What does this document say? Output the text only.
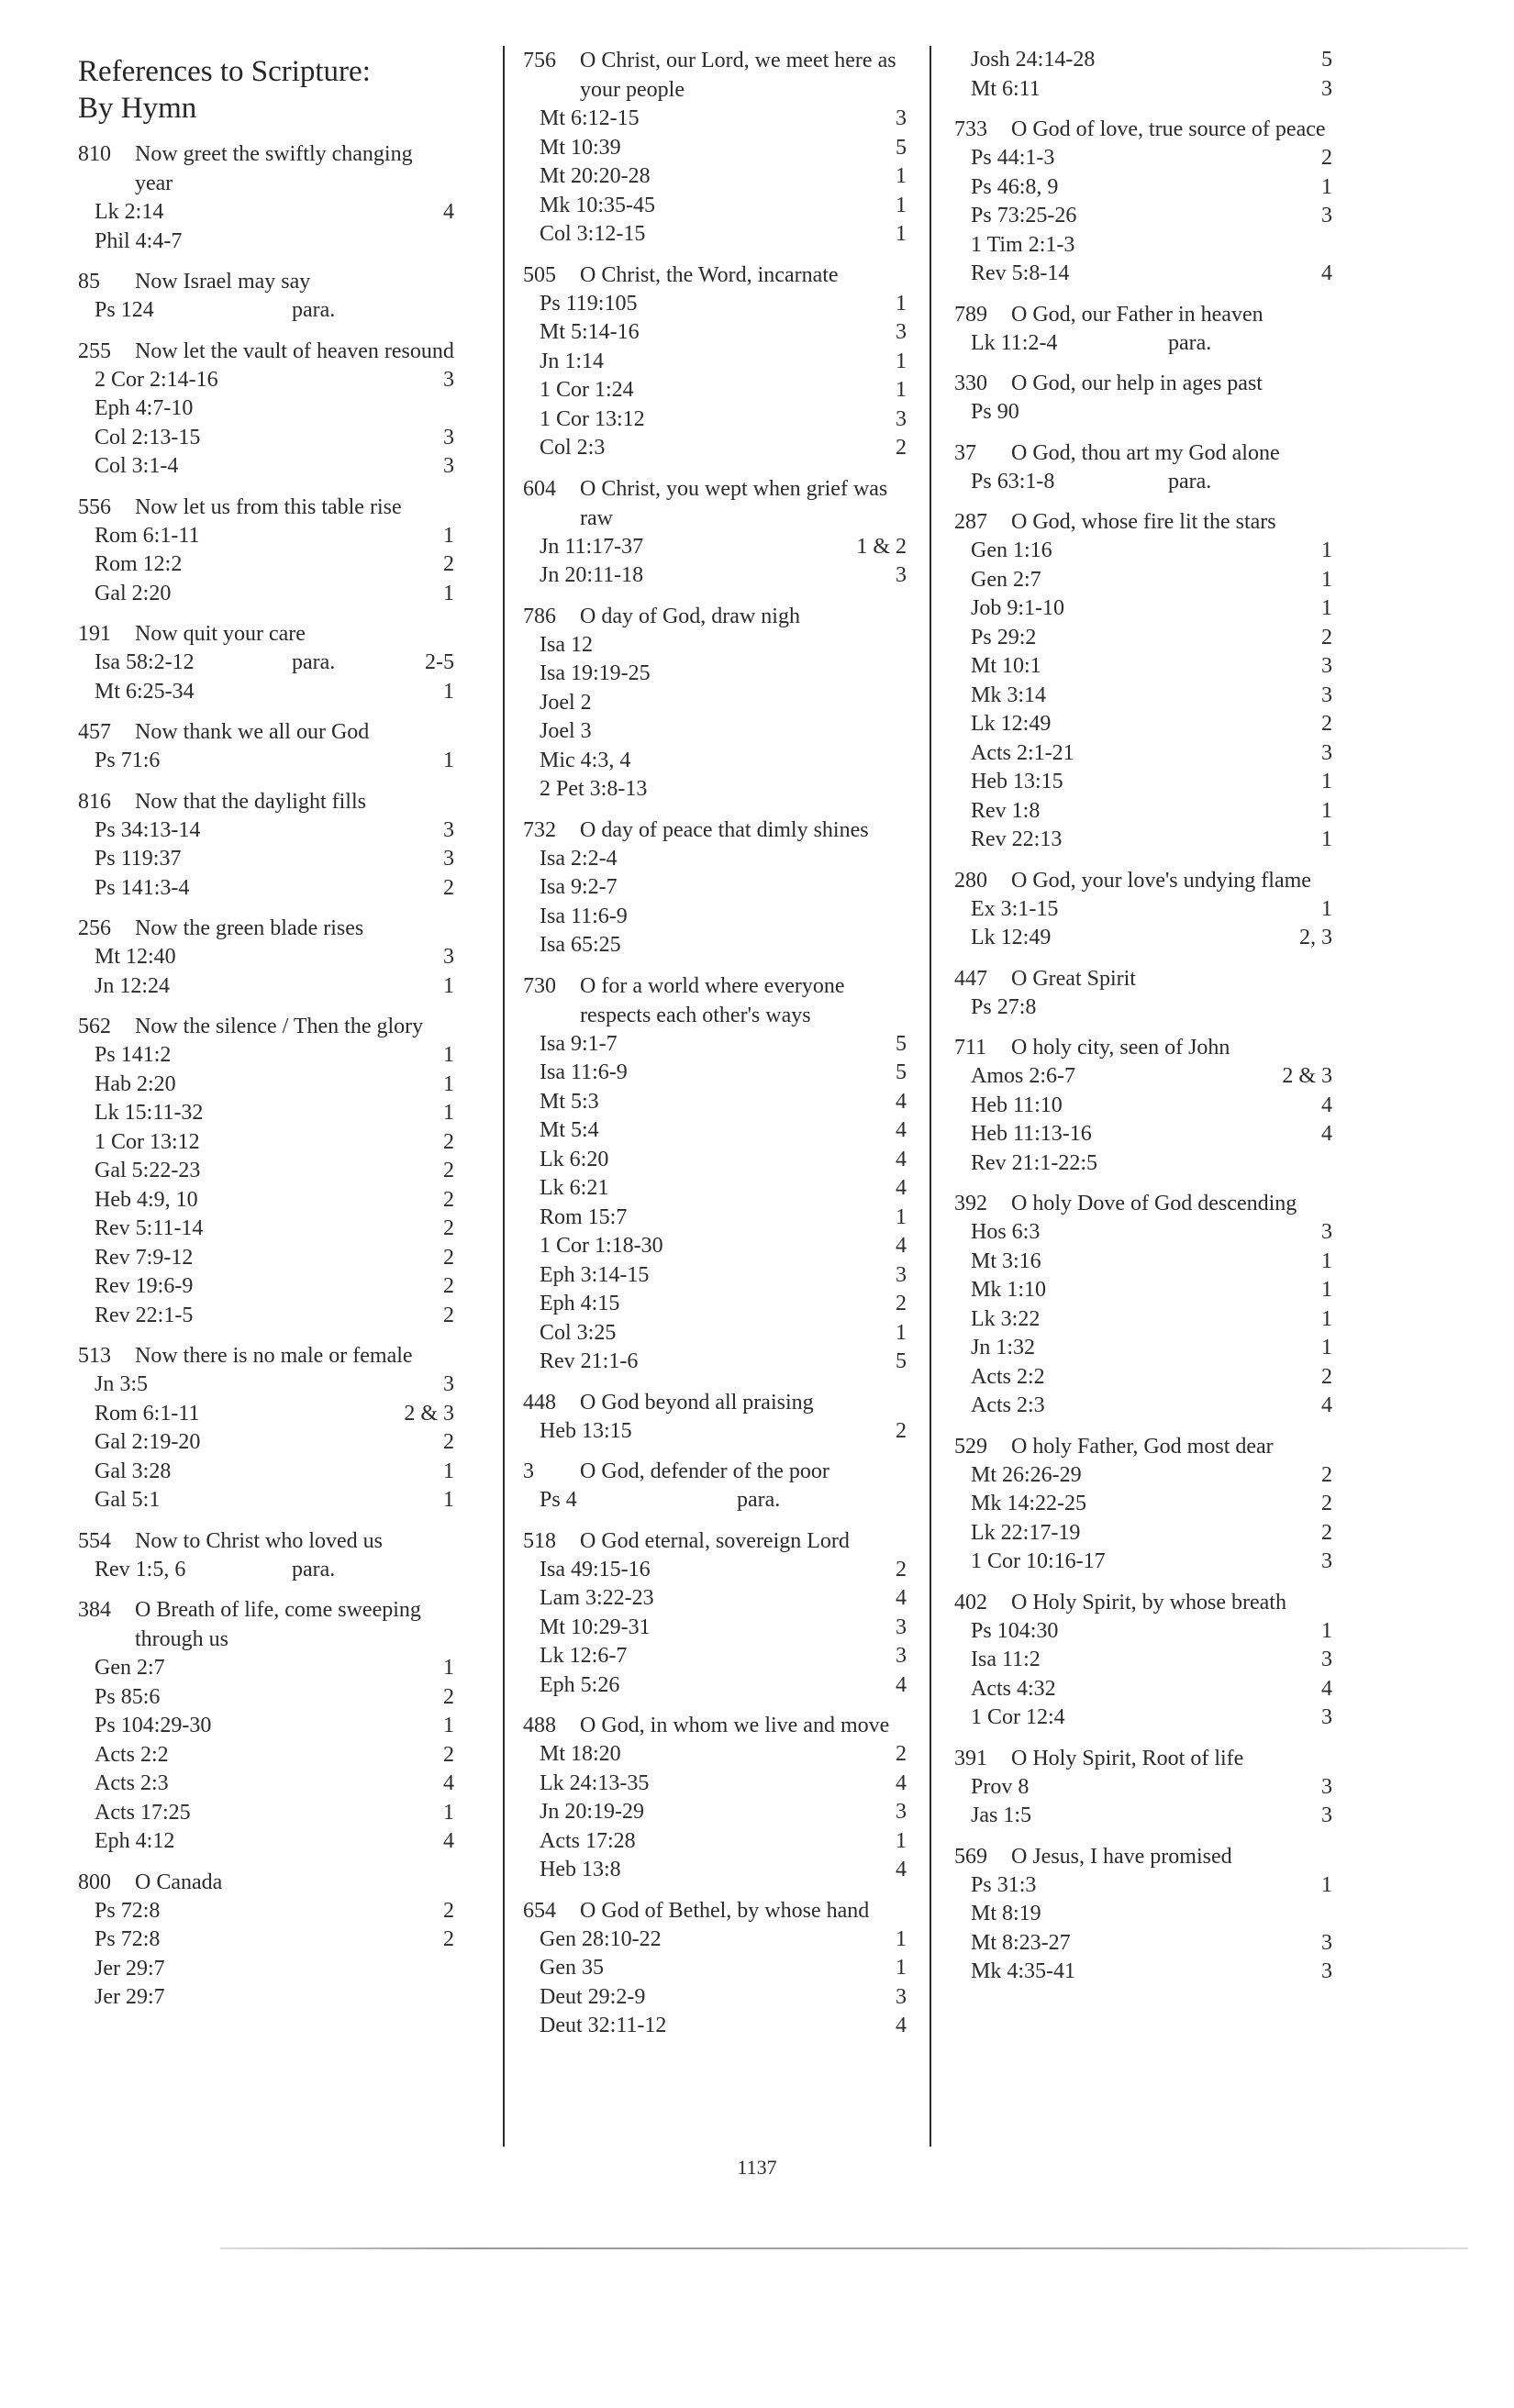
References to Scripture:
By Hymn
810	Now greet the swiftly changing year
Lk 2:14	4
Phil 4:4-7
85	Now Israel may say
Ps 124	para.
255	Now let the vault of heaven resound
2 Cor 2:14-16	3
Eph 4:7-10
Col 2:13-15	3
Col 3:1-4	3
556	Now let us from this table rise
Rom 6:1-11	1
Rom 12:2	2
Gal 2:20	1
191	Now quit your care
Isa 58:2-12	para.	2-5
Mt 6:25-34	1
457	Now thank we all our God
Ps 71:6	1
816	Now that the daylight fills
Ps 34:13-14	3
Ps 119:37	3
Ps 141:3-4	2
256	Now the green blade rises
Mt 12:40	3
Jn 12:24	1
562	Now the silence / Then the glory
Ps 141:2	1
Hab 2:20	1
Lk 15:11-32	1
1 Cor 13:12	2
Gal 5:22-23	2
Heb 4:9, 10	2
Rev 5:11-14	2
Rev 7:9-12	2
Rev 19:6-9	2
Rev 22:1-5	2
513	Now there is no male or female
Jn 3:5	3
Rom 6:1-11	2 & 3
Gal 2:19-20	2
Gal 3:28	1
Gal 5:1	1
554	Now to Christ who loved us
Rev 1:5, 6	para.
384	O Breath of life, come sweeping through us
Gen 2:7	1
Ps 85:6	2
Ps 104:29-30	1
Acts 2:2	2
Acts 2:3	4
Acts 17:25	1
Eph 4:12	4
800	O Canada
Ps 72:8	2
Ps 72:8	2
Jer 29:7
Jer 29:7
756	O Christ, our Lord, we meet here as your people
Mt 6:12-15	3
Mt 10:39	5
Mt 20:20-28	1
Mk 10:35-45	1
Col 3:12-15	1
505	O Christ, the Word, incarnate
Ps 119:105	1
Mt 5:14-16	3
Jn 1:14	1
1 Cor 1:24	1
1 Cor 13:12	3
Col 2:3	2
604	O Christ, you wept when grief was raw
Jn 11:17-37	1 & 2
Jn 20:11-18	3
786	O day of God, draw nigh
Isa 12
Isa 19:19-25
Joel 2
Joel 3
Mic 4:3, 4
2 Pet 3:8-13
732	O day of peace that dimly shines
Isa 2:2-4
Isa 9:2-7
Isa 11:6-9
Isa 65:25
730	O for a world where everyone respects each other's ways
Isa 9:1-7	5
Isa 11:6-9	5
Mt 5:3	4
Mt 5:4	4
Lk 6:20	4
Lk 6:21	4
Rom 15:7	1
1 Cor 1:18-30	4
Eph 3:14-15	3
Eph 4:15	2
Col 3:25	1
Rev 21:1-6	5
448	O God beyond all praising
Heb 13:15	2
3	O God, defender of the poor
Ps 4	para.
518	O God eternal, sovereign Lord
Isa 49:15-16	2
Lam 3:22-23	4
Mt 10:29-31	3
Lk 12:6-7	3
Eph 5:26	4
488	O God, in whom we live and move
Mt 18:20	2
Lk 24:13-35	4
Jn 20:19-29	3
Acts 17:28	1
Heb 13:8	4
654	O God of Bethel, by whose hand
Gen 28:10-22	1
Gen 35	1
Deut 29:2-9	3
Deut 32:11-12	4
Josh 24:14-28	5
Mt 6:11	3
733	O God of love, true source of peace
Ps 44:1-3	2
Ps 46:8, 9	1
Ps 73:25-26	3
1 Tim 2:1-3
Rev 5:8-14	4
789	O God, our Father in heaven
Lk 11:2-4	para.
330	O God, our help in ages past
Ps 90
37	O God, thou art my God alone
Ps 63:1-8	para.
287	O God, whose fire lit the stars
Gen 1:16	1
Gen 2:7	1
Job 9:1-10	1
Ps 29:2	2
Mt 10:1	3
Mk 3:14	3
Lk 12:49	2
Acts 2:1-21	3
Heb 13:15	1
Rev 1:8	1
Rev 22:13	1
280	O God, your love's undying flame
Ex 3:1-15	1
Lk 12:49	2, 3
447	O Great Spirit
Ps 27:8
711	O holy city, seen of John
Amos 2:6-7	2 & 3
Heb 11:10	4
Heb 11:13-16	4
Rev 21:1-22:5
392	O holy Dove of God descending
Hos 6:3	3
Mt 3:16	1
Mk 1:10	1
Lk 3:22	1
Jn 1:32	1
Acts 2:2	2
Acts 2:3	4
529	O holy Father, God most dear
Mt 26:26-29	2
Mk 14:22-25	2
Lk 22:17-19	2
1 Cor 10:16-17	3
402	O Holy Spirit, by whose breath
Ps 104:30	1
Isa 11:2	3
Acts 4:32	4
1 Cor 12:4	3
391	O Holy Spirit, Root of life
Prov 8	3
Jas 1:5	3
569	O Jesus, I have promised
Ps 31:3	1
Mt 8:19
Mt 8:23-27	3
Mk 4:35-41	3
1137
